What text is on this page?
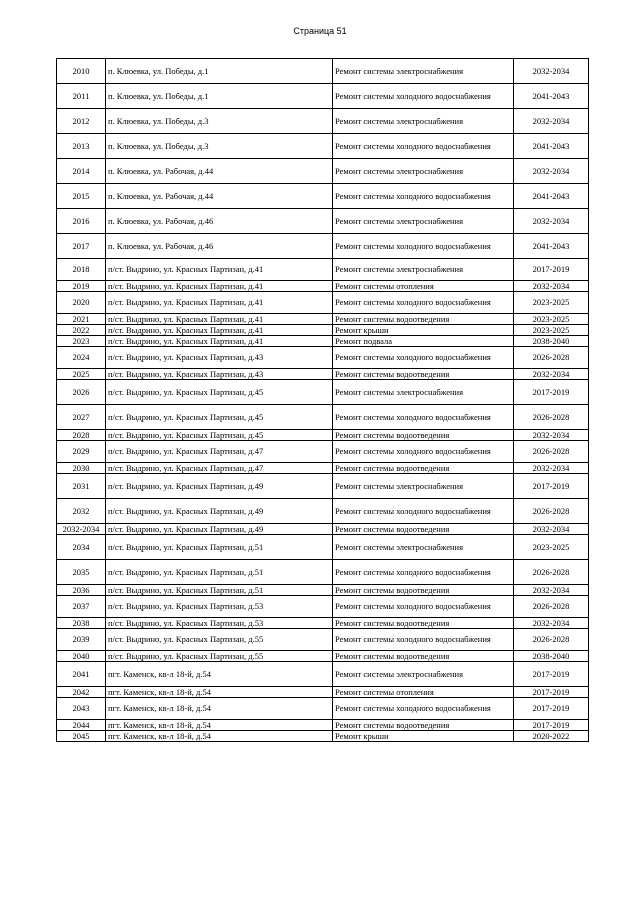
Страница 51
2010	п. Клюевка, ул. Победы, д.1	Ремонт системы электроснабжения	2032-2034
2011	п. Клюевка, ул. Победы, д.1	Ремонт системы холодного водоснабжения	2041-2043
2012	п. Клюевка, ул. Победы, д.3	Ремонт системы электроснабжения	2032-2034
2013	п. Клюевка, ул. Победы, д.3	Ремонт системы холодного водоснабжения	2041-2043
2014	п. Клюевка, ул. Рабочая, д.44	Ремонт системы электроснабжения	2032-2034
2015	п. Клюевка, ул. Рабочая, д.44	Ремонт системы холодного водоснабжения	2041-2043
2016	п. Клюевка, ул. Рабочая, д.46	Ремонт системы электроснабжения	2032-2034
2017	п. Клюевка, ул. Рабочая, д.46	Ремонт системы холодного водоснабжения	2041-2043
2018	п/ст. Выдрино, ул. Красных Партизан, д.41	Ремонт системы электроснабжения	2017-2019
2019	п/ст. Выдрино, ул. Красных Партизан, д.41	Ремонт системы отопления	2032-2034
2020	п/ст. Выдрино, ул. Красных Партизан, д.41	Ремонт системы холодного водоснабжения	2023-2025
2021	п/ст. Выдрино, ул. Красных Партизан, д.41	Ремонт системы водоотведения	2023-2025
2022	п/ст. Выдрино, ул. Красных Партизан, д.41	Ремонт крыши	2023-2025
2023	п/ст. Выдрино, ул. Красных Партизан, д.41	Ремонт подвала	2038-2040
2024	п/ст. Выдрино, ул. Красных Партизан, д.43	Ремонт системы холодного водоснабжения	2026-2028
2025	п/ст. Выдрино, ул. Красных Партизан, д.43	Ремонт системы водоотведения	2032-2034
2026	п/ст. Выдрино, ул. Красных Партизан, д.45	Ремонт системы электроснабжения	2017-2019
2027	п/ст. Выдрино, ул. Красных Партизан, д.45	Ремонт системы холодного водоснабжения	2026-2028
2028	п/ст. Выдрино, ул. Красных Партизан, д.45	Ремонт системы водоотведения	2032-2034
2029	п/ст. Выдрино, ул. Красных Партизан, д.47	Ремонт системы холодного водоснабжения	2026-2028
2030	п/ст. Выдрино, ул. Красных Партизан, д.47	Ремонт системы водоотведения	2032-2034
2031	п/ст. Выдрино, ул. Красных Партизан, д.49	Ремонт системы электроснабжения	2017-2019
2032	п/ст. Выдрино, ул. Красных Партизан, д.49	Ремонт системы холодного водоснабжения	2026-2028
2032-2034	п/ст. Выдрино, ул. Красных Партизан, д.49	Ремонт системы водоотведения	2032-2034
2034	п/ст. Выдрино, ул. Красных Партизан, д.51	Ремонт системы электроснабжения	2023-2025
2035	п/ст. Выдрино, ул. Красных Партизан, д.51	Ремонт системы холодного водоснабжения	2026-2028
2036	п/ст. Выдрино, ул. Красных Партизан, д.51	Ремонт системы водоотведения	2032-2034
2037	п/ст. Выдрино, ул. Красных Партизан, д.53	Ремонт системы холодного водоснабжения	2026-2028
2038	п/ст. Выдрино, ул. Красных Партизан, д.53	Ремонт системы водоотведения	2032-2034
2039	п/ст. Выдрино, ул. Красных Партизан, д.55	Ремонт системы холодного водоснабжения	2026-2028
2040	п/ст. Выдрино, ул. Красных Партизан, д.55	Ремонт системы водоотведения	2038-2040
2041	пгт. Каменск, кв-л 18-й, д.54	Ремонт системы электроснабжения	2017-2019
2042	пгт. Каменск, кв-л 18-й, д.54	Ремонт системы отопления	2017-2019
2043	пгт. Каменск, кв-л 18-й, д.54	Ремонт системы холодного водоснабжения	2017-2019
2044	пгт. Каменск, кв-л 18-й, д.54	Ремонт системы водоотведения	2017-2019
2045	пгт. Каменск, кв-л 18-й, д.54	Ремонт крыши	2020-2022
